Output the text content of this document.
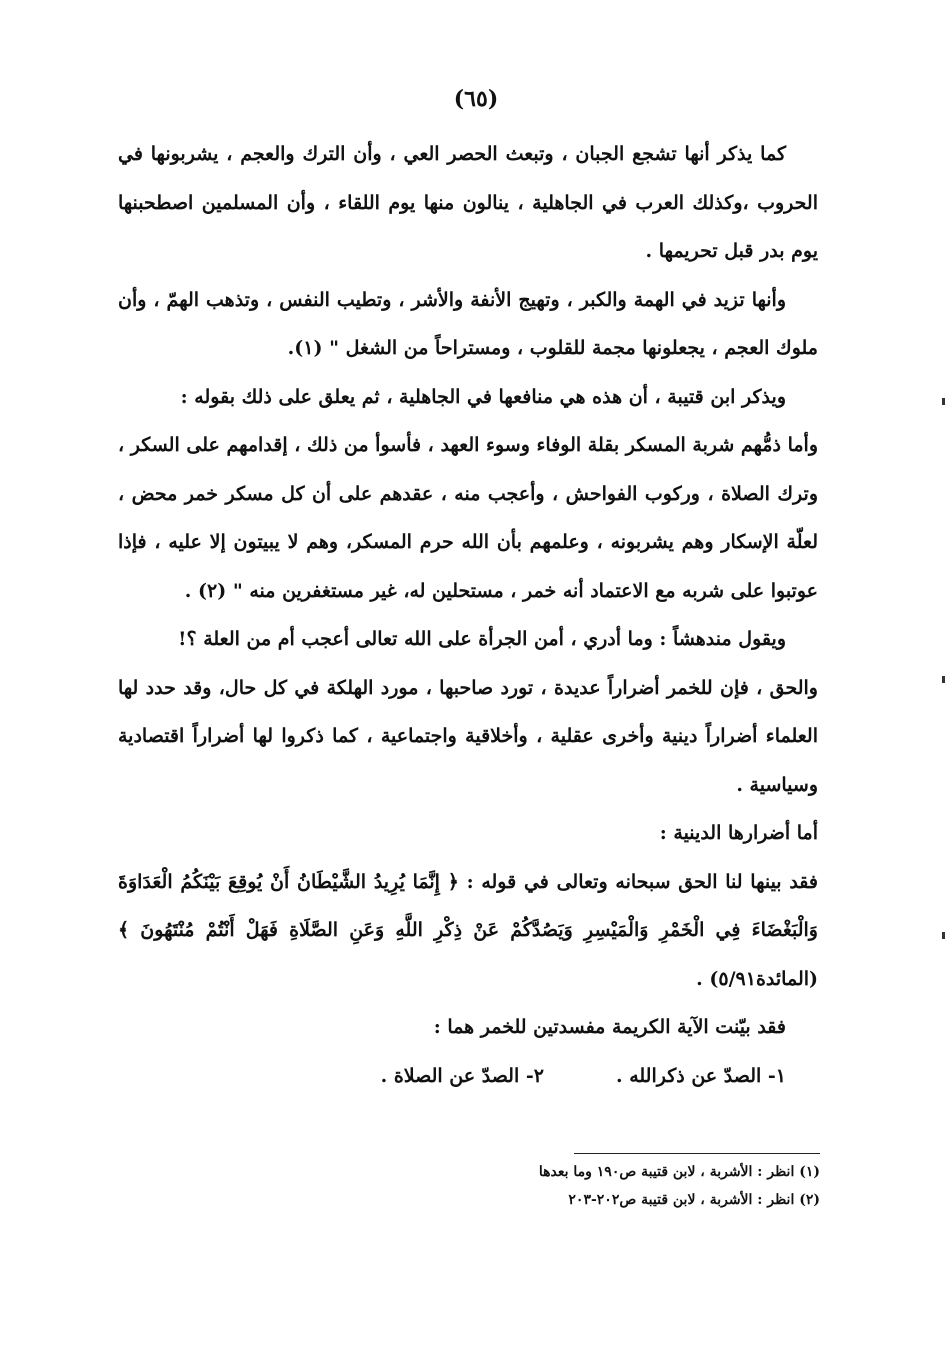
(٦٥)

كما يذكر أنها تشجع الجبان ، وتبعث الحصر العي ، وأن الترك والعجم ، يشربونها في الحروب ،وكذلك العرب في الجاهلية ، ينالون منها يوم اللقاء ، وأن المسلمين اصطحبنها يوم بدر قبل تحريمها .

وأنها تزيد في الهمة والكبر ، وتهيج الأنفة والأشر ، وتطيب النفس ، وتذهب الهمّ ، وأن ملوك العجم ، يجعلونها مجمة للقلوب ، ومستراحاً من الشغل " (١).

ويذكر ابن قتيبة ، أن هذه هي منافعها في الجاهلية ، ثم يعلق على ذلك بقوله :

وأما ذمُّهم شربة المسكر بقلة الوفاء وسوء العهد ، فأسوأ من ذلك ، إقدامهم على السكر ، وترك الصلاة ، وركوب الفواحش ، وأعجب منه ، عقدهم على أن كل مسكر خمر محض ، لعلّة الإسكار وهم يشربونه ، وعلمهم بأن الله حرم المسكر، وهم لا يبيتون إلا عليه ، فإذا عوتبوا على شربه مع الاعتماد أنه خمر ، مستحلين له، غير مستغفرين منه " (٢) .

ويقول مندهشاً : وما أدري ، أمن الجرأة على الله تعالى أعجب أم من العلة ؟!

والحق ، فإن للخمر أضراراً عديدة ، تورد صاحبها ، مورد الهلكة في كل حال، وقد حدد لها العلماء أضراراً دينية وأخرى عقلية ، وأخلاقية واجتماعية ، كما ذكروا لها أضراراً اقتصادية وسياسية .

أما أضرارها الدينية :

فقد بينها لنا الحق سبحانه وتعالى في قوله : ﴿ إِنَّمَا يُرِيدُ الشَّيْطَانُ أَنْ يُوقِعَ بَيْنَكُمُ الْعَدَاوَةَ وَالْبَغْضَاءَ فِي الْخَمْرِ وَالْمَيْسِرِ وَيَصُدَّكُمْ عَنْ ذِكْرِ اللَّهِ وَعَنِ الصَّلَاةِ فَهَلْ أَنْتُمْ مُنْتَهُونَ ﴾ (المائدة٥/٩١) .

فقد بيّنت الآية الكريمة مفسدتين للخمر هما :

١- الصدّ عن ذكرالله .
٢- الصدّ عن الصلاة .

(١) انظر : الأشربة ، لابن قتيبة ص١٩٠ وما بعدها

(٢) انظر : الأشربة ، لابن قتيبة ص٢٠٢-٢٠٣
